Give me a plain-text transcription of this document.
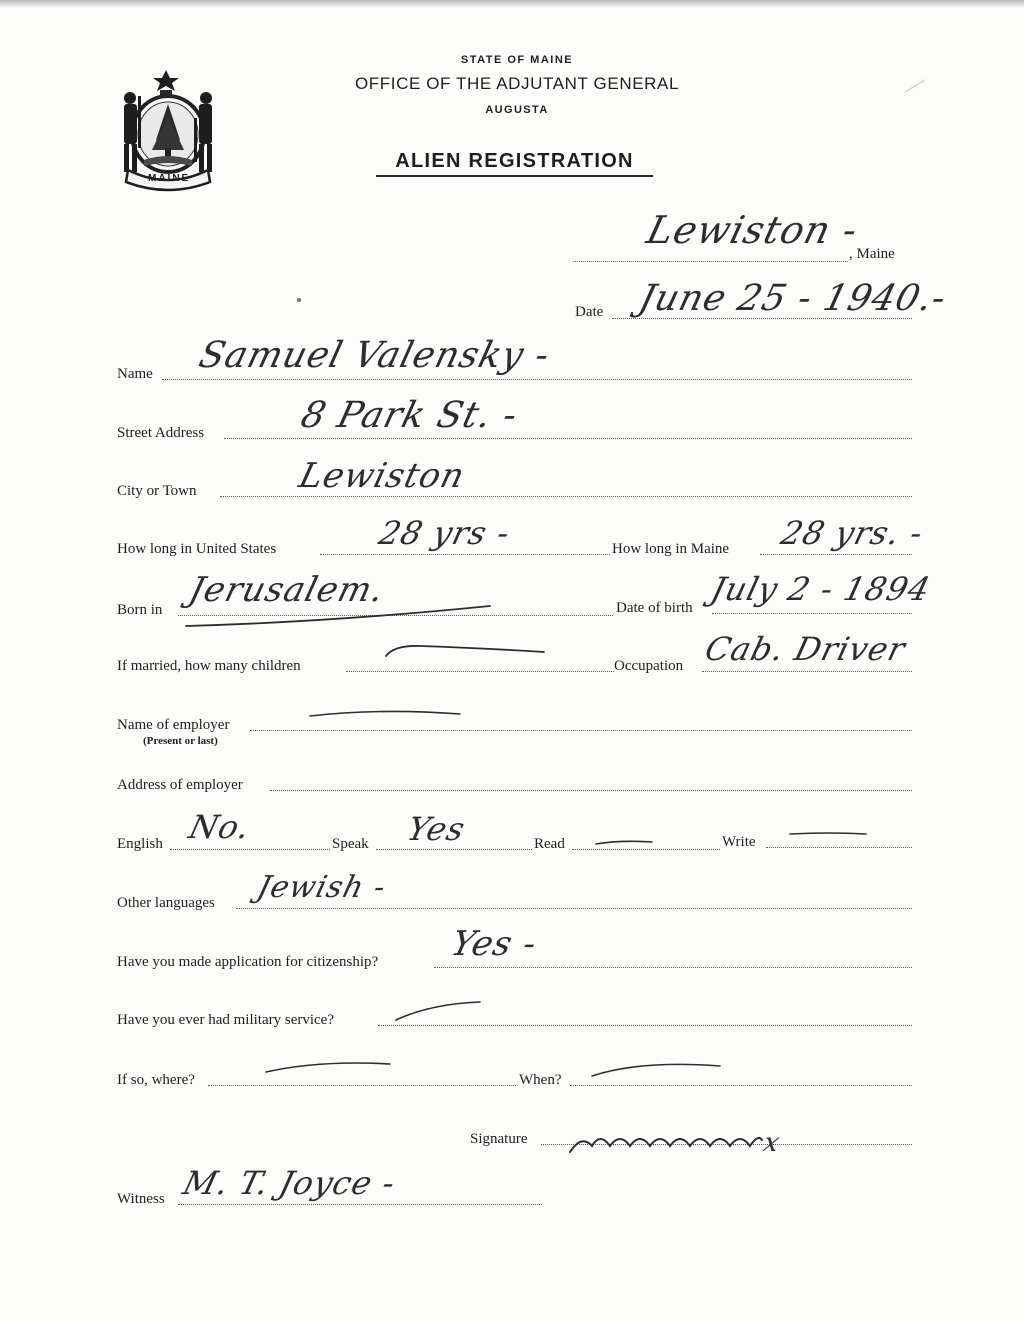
MAINE
STATE OF MAINE
OFFICE OF THE ADJUTANT GENERAL
AUGUSTA
ALIEN REGISTRATION
Lewiston -
, Maine
Date June 25 - 1940.-
Name Samuel Valensky -
Street Address	8 Park St. -
City or Town	Lewiston
How long in United States	28 yrs -	How long in Maine 28 yrs. -
Born in Jerusalem.	Date of birth July 2 - 1894
If married, how many children	Occupation Cab. Driver
Name of employer
(Present or last)
Address of employer
English No.	Speak Yes	Read	Write
Other languages Jewish -
Have you made application for citizenship? Yes -
Have you ever had military service?
If so, where?	When?
Signature	x
Witness M. T. Joyce -
